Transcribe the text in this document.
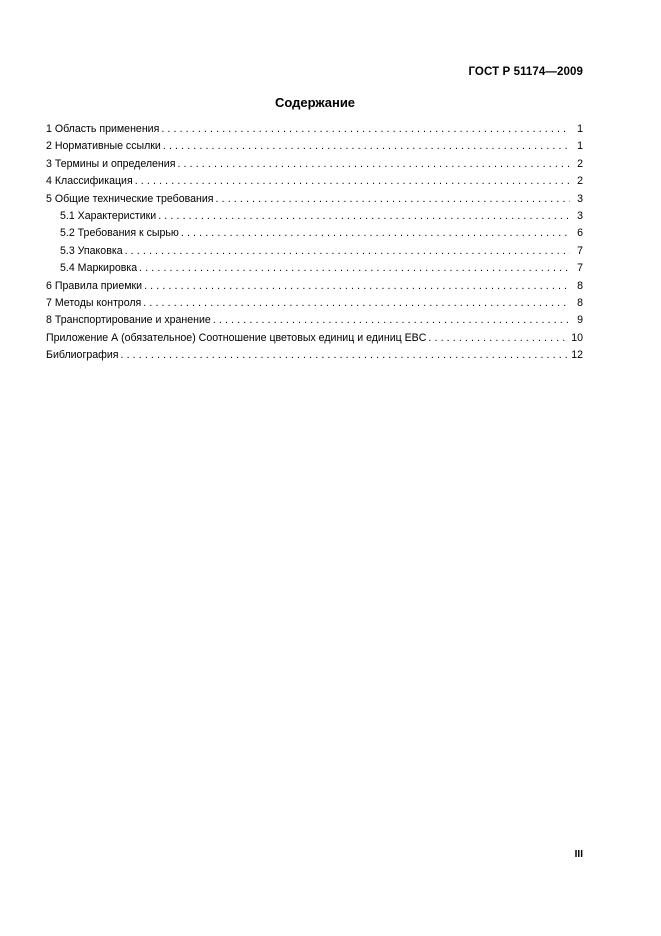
ГОСТ Р 51174—2009
Содержание
1 Область применения . . .	1
2 Нормативные ссылки . . .	1
3 Термины и определения . . .	2
4 Классификация . . .	2
5 Общие технические требования . . .	3
5.1 Характеристики . . .	3
5.2 Требования к сырью . . .	6
5.3 Упаковка . . .	7
5.4 Маркировка . . .	7
6 Правила приемки . . .	8
7 Методы контроля . . .	8
8 Транспортирование и хранение . . .	9
Приложение А (обязательное) Соотношение цветовых единиц и единиц EBC . . .	10
Библиография . . .	12
III
